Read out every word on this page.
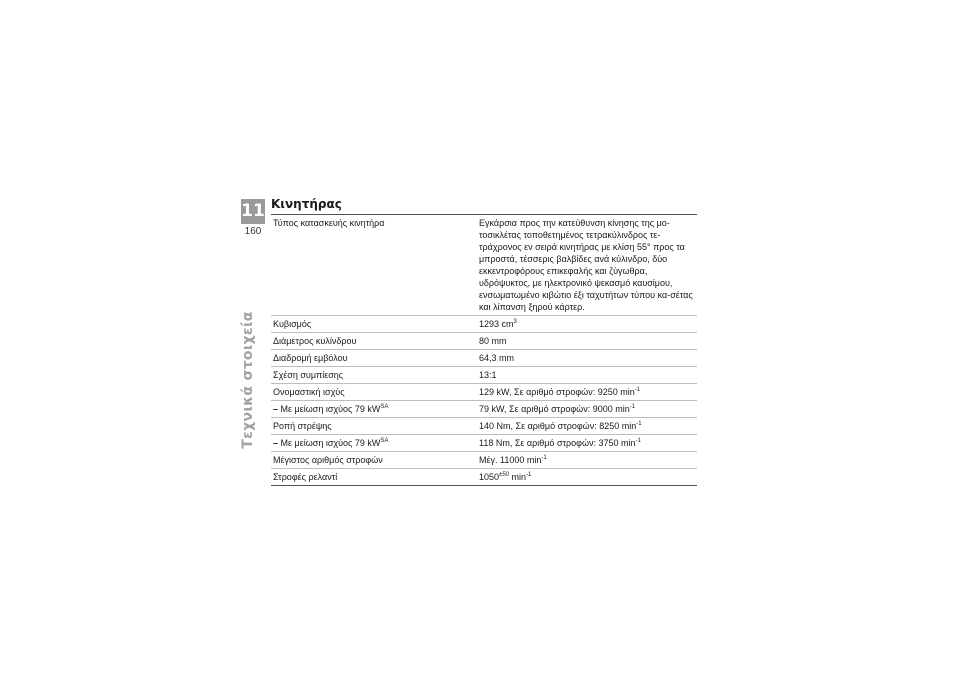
11
160
Τεχνικά στοιχεία
Κινητήρας
Τύπος κατασκευής κινητήρα	Εγκάρσια προς την κατεύθυνση κίνησης της μο-τοσικλέτας τοποθετημένος τετρακύλινδρος τε-τράχρονος εν σειρά κινητήρας με κλίση 55° προς τα μπροστά, τέσσερις βαλβίδες ανά κύλινδρο, δύο εκκεντροφόρους επικεφαλής και ζύγωθρα, υδρόψυκτος, με ηλεκτρονικό ψεκασμό καυσίμου, ενσωματωμένο κιβώτιο έξι ταχυτήτων τύπου κα-σέτας και λίπανση ξηρού κάρτερ.
Κυβισμός	1293 $cm^3$
Διάμετρος κυλίνδρου	80 mm
Διαδρομή εμβόλου	64,3 mm
Σχέση συμπίεσης	13:1
Ονομαστική ισχύς	129 kW, Σε αριθμό στροφών: 9250 $\min^{-1}$
– Με μείωση ισχύος 79 $kW^{SA}$	79 kW, Σε αριθμό στροφών: 9000 $\min^{-1}$
Ροπή στρέψης	140 Nm, Σε αριθμό στροφών: 8250 $\min^{-1}$
– Με μείωση ισχύος 79 $kW^{SA}$	118 Nm, Σε αριθμό στροφών: 3750 $\min^{-1}$
Μέγιστος αριθμός στροφών	Μέγ. 11000 $\min^{-1}$
Στροφές ρελαντί	$1050^{\pm 50}$ $\min^{-1}$
